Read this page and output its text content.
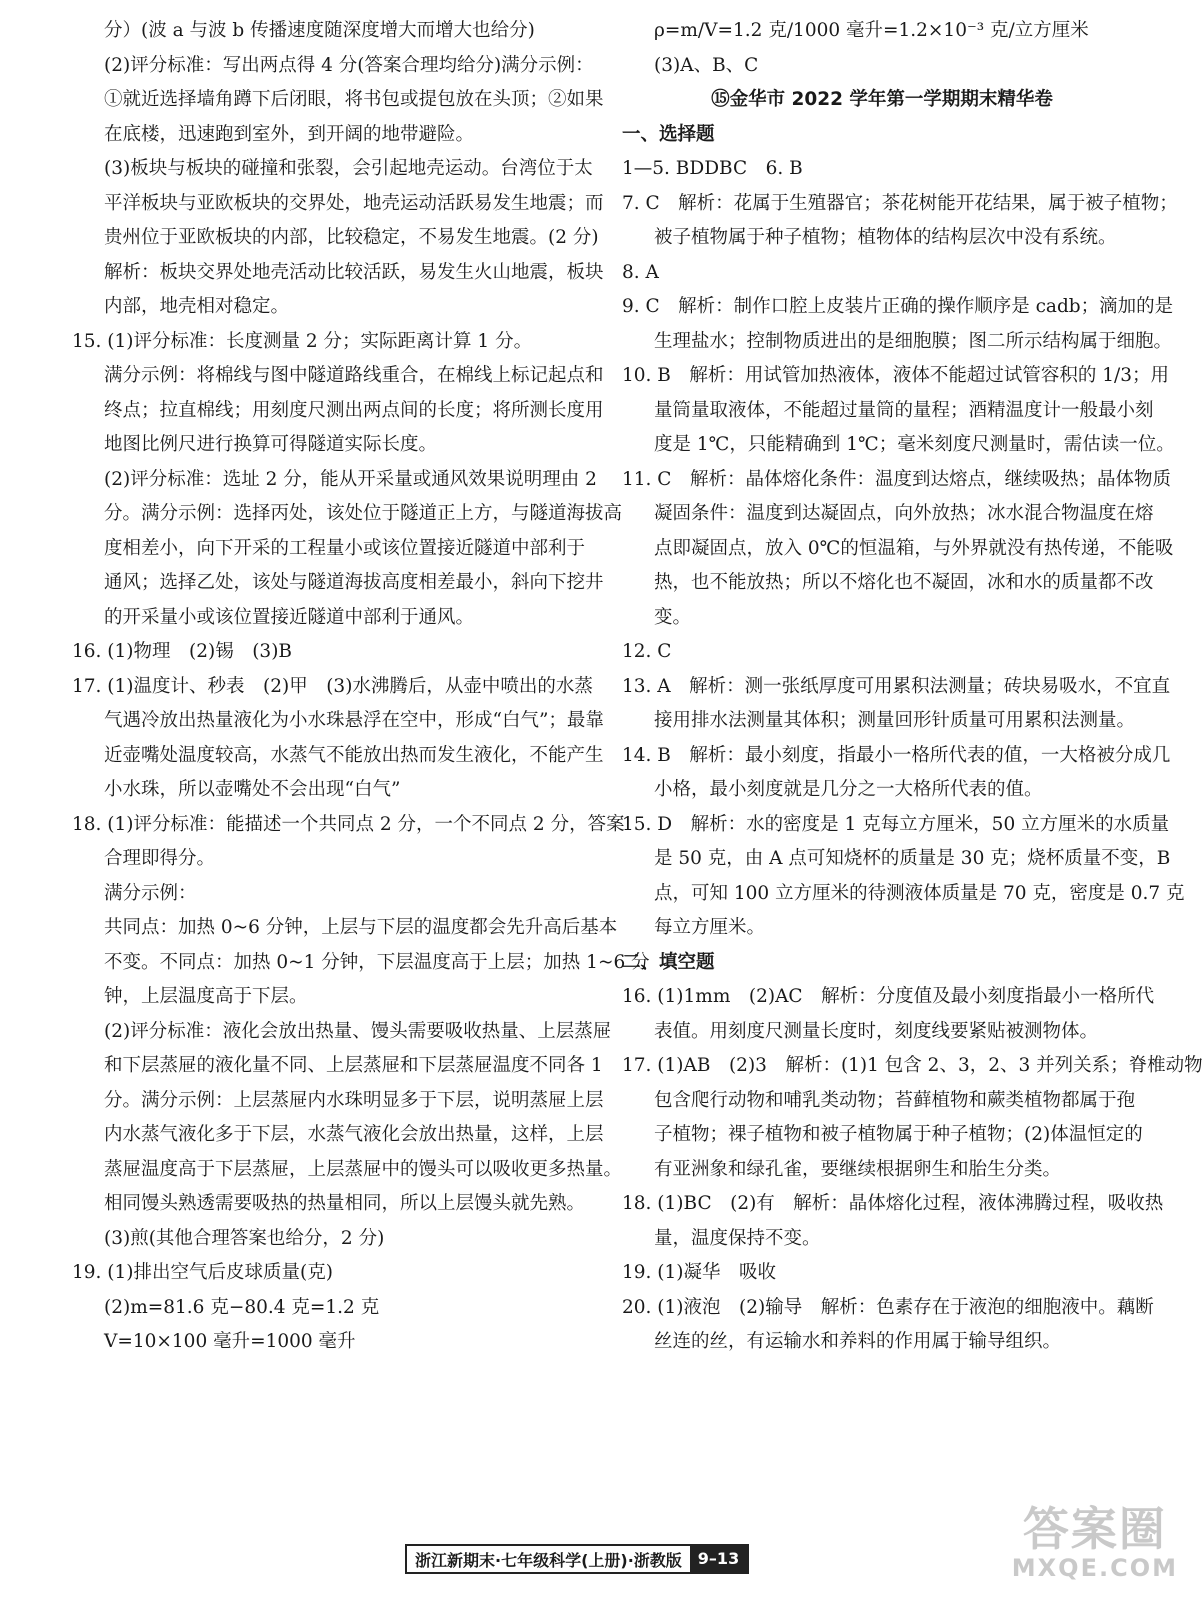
分）(波 a 与波 b 传播速度随深度增大而增大也给分)
(2)评分标准：写出两点得 4 分(答案合理均给分)满分示例：
①就近选择墙角蹲下后闭眼，将书包或提包放在头顶；②如果
在底楼，迅速跑到室外，到开阔的地带避险。
(3)板块与板块的碰撞和张裂，会引起地壳运动。台湾位于太
平洋板块与亚欧板块的交界处，地壳运动活跃易发生地震；而
贵州位于亚欧板块的内部，比较稳定，不易发生地震。(2 分)
解析：板块交界处地壳活动比较活跃，易发生火山地震，板块
内部，地壳相对稳定。
15. (1)评分标准：长度测量 2 分；实际距离计算 1 分。
满分示例：将棉线与图中隧道路线重合，在棉线上标记起点和
终点；拉直棉线；用刻度尺测出两点间的长度；将所测长度用
地图比例尺进行换算可得隧道实际长度。
(2)评分标准：选址 2 分，能从开采量或通风效果说明理由 2
分。满分示例：选择丙处，该处位于隧道正上方，与隧道海拔高
度相差小，向下开采的工程量小或该位置接近隧道中部利于
通风；选择乙处，该处与隧道海拔高度相差最小，斜向下挖井
的开采量小或该位置接近隧道中部利于通风。
16. (1)物理　(2)锡　(3)B
17. (1)温度计、秒表　(2)甲　(3)水沸腾后，从壶中喷出的水蒸
气遇冷放出热量液化为小水珠悬浮在空中，形成“白气”；最靠
近壶嘴处温度较高，水蒸气不能放出热而发生液化，不能产生
小水珠，所以壶嘴处不会出现“白气”
18. (1)评分标准：能描述一个共同点 2 分，一个不同点 2 分，答案
合理即得分。
满分示例：
共同点：加热 0~6 分钟，上层与下层的温度都会先升高后基本
不变。不同点：加热 0~1 分钟，下层温度高于上层；加热 1~6 分
钟，上层温度高于下层。
(2)评分标准：液化会放出热量、馒头需要吸收热量、上层蒸屉
和下层蒸屉的液化量不同、上层蒸屉和下层蒸屉温度不同各 1
分。满分示例：上层蒸屉内水珠明显多于下层，说明蒸屉上层
内水蒸气液化多于下层，水蒸气液化会放出热量，这样，上层
蒸屉温度高于下层蒸屉，上层蒸屉中的馒头可以吸收更多热量。
相同馒头熟透需要吸热的热量相同，所以上层馒头就先熟。
(3)煎(其他合理答案也给分，2 分)
19. (1)排出空气后皮球质量(克)
(2)m=81.6 克−80.4 克=1.2 克
V=10×100 毫升=1000 毫升
ρ=m/V=1.2 克/1000 毫升=1.2×10⁻³ 克/立方厘米
(3)A、B、C
⑮金华市 2022 学年第一学期期末精华卷
一、选择题
1—5. BDDBC　6. B
7. C　解析：花属于生殖器官；茶花树能开花结果，属于被子植物；
被子植物属于种子植物；植物体的结构层次中没有系统。
8. A
9. C　解析：制作口腔上皮装片正确的操作顺序是 cadb；滴加的是
生理盐水；控制物质进出的是细胞膜；图二所示结构属于细胞。
10. B　解析：用试管加热液体，液体不能超过试管容积的 1/3；用
量筒量取液体，不能超过量筒的量程；酒精温度计一般最小刻
度是 1℃，只能精确到 1℃；毫米刻度尺测量时，需估读一位。
11. C　解析：晶体熔化条件：温度到达熔点，继续吸热；晶体物质
凝固条件：温度到达凝固点，向外放热；冰水混合物温度在熔
点即凝固点，放入 0℃的恒温箱，与外界就没有热传递，不能吸
热，也不能放热；所以不熔化也不凝固，冰和水的质量都不改
变。
12. C
13. A　解析：测一张纸厚度可用累积法测量；砖块易吸水，不宜直
接用排水法测量其体积；测量回形针质量可用累积法测量。
14. B　解析：最小刻度，指最小一格所代表的值，一大格被分成几
小格，最小刻度就是几分之一大格所代表的值。
15. D　解析：水的密度是 1 克每立方厘米，50 立方厘米的水质量
是 50 克，由 A 点可知烧杯的质量是 30 克；烧杯质量不变，B
点，可知 100 立方厘米的待测液体质量是 70 克，密度是 0.7 克
每立方厘米。
二、填空题
16. (1)1mm　(2)AC　解析：分度值及最小刻度指最小一格所代
表值。用刻度尺测量长度时，刻度线要紧贴被测物体。
17. (1)AB　(2)3　解析：(1)1 包含 2、3，2、3 并列关系；脊椎动物
包含爬行动物和哺乳类动物；苔藓植物和蕨类植物都属于孢
子植物；裸子植物和被子植物属于种子植物；(2)体温恒定的
有亚洲象和绿孔雀，要继续根据卵生和胎生分类。
18. (1)BC　(2)有　解析：晶体熔化过程，液体沸腾过程，吸收热
量，温度保持不变。
19. (1)凝华　吸收
20. (1)液泡　(2)输导　解析：色素存在于液泡的细胞液中。藕断
丝连的丝，有运输水和养料的作用属于输导组织。
浙江新期末·七年级科学(上册)·浙教版	9–13
答案圈
MXQE.COM
